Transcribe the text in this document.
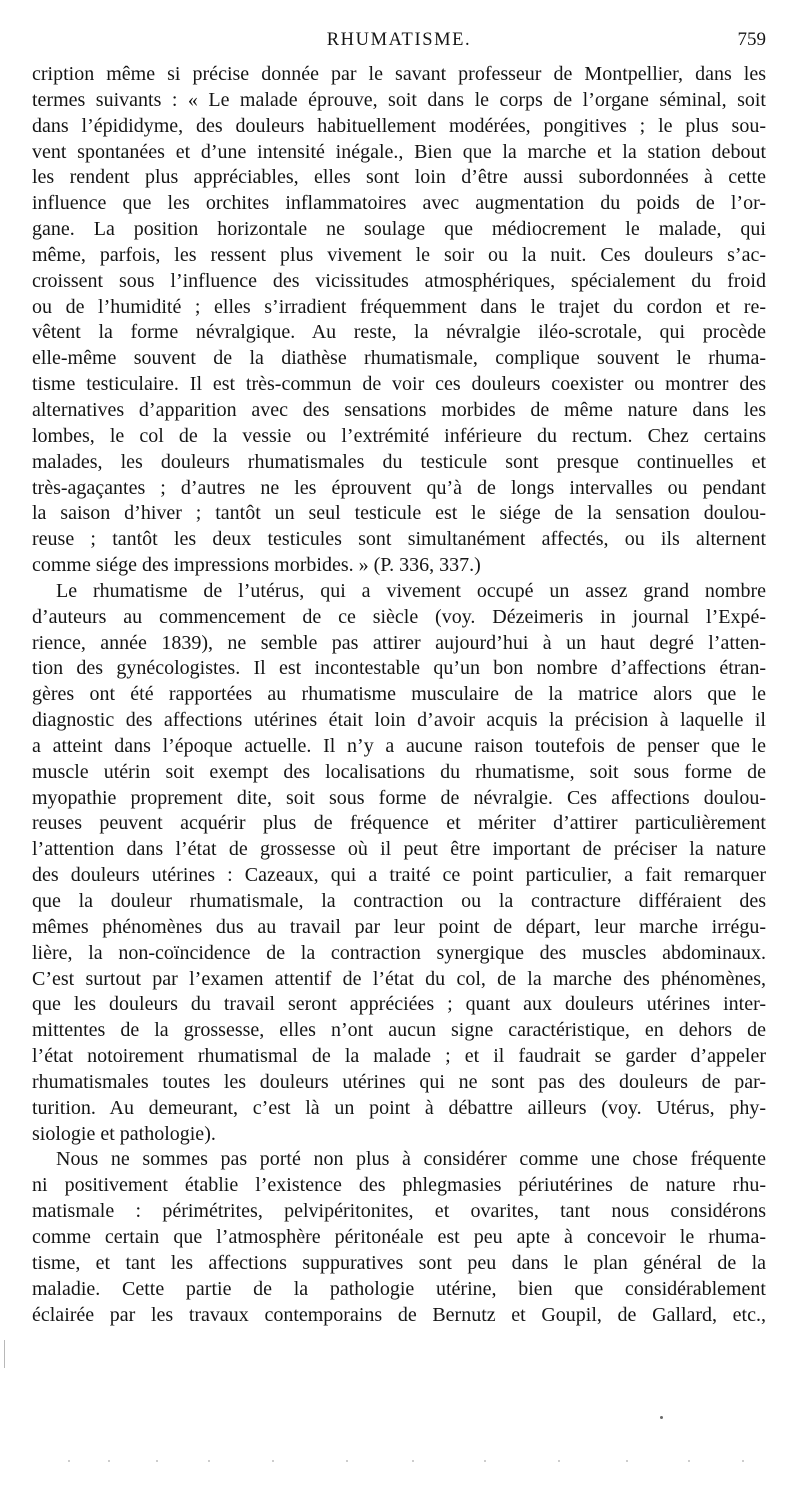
RHUMATISME.	759
cription même si précise donnée par le savant professeur de Montpellier, dans les
termes suivants : « Le malade éprouve, soit dans le corps de l’organe séminal, soit
dans l’épididyme, des douleurs habituellement modérées, pongitives ; le plus sou-
vent spontanées et d’une intensité inégale., Bien que la marche et la station debout
les rendent plus appréciables, elles sont loin d’être aussi subordonnées à cette
influence que les orchites inflammatoires avec augmentation du poids de l’or-
gane. La position horizontale ne soulage que médiocrement le malade, qui
même, parfois, les ressent plus vivement le soir ou la nuit. Ces douleurs s’ac-
croissent sous l’influence des vicissitudes atmosphériques, spécialement du froid
ou de l’humidité ; elles s’irradient fréquemment dans le trajet du cordon et re-
vêtent la forme névralgique. Au reste, la névralgie iléo-scrotale, qui procède
elle-même souvent de la diathèse rhumatismale, complique souvent le rhuma-
tisme testiculaire. Il est très-commun de voir ces douleurs coexister ou montrer des
alternatives d’apparition avec des sensations morbides de même nature dans les
lombes, le col de la vessie ou l’extrémité inférieure du rectum. Chez certains
malades, les douleurs rhumatismales du testicule sont presque continuelles et
très-agaçantes ; d’autres ne les éprouvent qu’à de longs intervalles ou pendant
la saison d’hiver ; tantôt un seul testicule est le siége de la sensation doulou-
reuse ; tantôt les deux testicules sont simultanément affectés, ou ils alternent
comme siége des impressions morbides. » (P. 336, 337.)
Le rhumatisme de l’utérus, qui a vivement occupé un assez grand nombre
d’auteurs au commencement de ce siècle (voy. Dézeimeris in journal l’Expé-
rience, année 1839), ne semble pas attirer aujourd’hui à un haut degré l’atten-
tion des gynécologistes. Il est incontestable qu’un bon nombre d’affections étran-
gères ont été rapportées au rhumatisme musculaire de la matrice alors que le
diagnostic des affections utérines était loin d’avoir acquis la précision à laquelle il
a atteint dans l’époque actuelle. Il n’y a aucune raison toutefois de penser que le
muscle utérin soit exempt des localisations du rhumatisme, soit sous forme de
myopathie proprement dite, soit sous forme de névralgie. Ces affections doulou-
reuses peuvent acquérir plus de fréquence et mériter d’attirer particulièrement
l’attention dans l’état de grossesse où il peut être important de préciser la nature
des douleurs utérines : Cazeaux, qui a traité ce point particulier, a fait remarquer
que la douleur rhumatismale, la contraction ou la contracture différaient des
mêmes phénomènes dus au travail par leur point de départ, leur marche irrégu-
lière, la non-coïncidence de la contraction synergique des muscles abdominaux.
C’est surtout par l’examen attentif de l’état du col, de la marche des phénomènes,
que les douleurs du travail seront appréciées ; quant aux douleurs utérines inter-
mittentes de la grossesse, elles n’ont aucun signe caractéristique, en dehors de
l’état notoirement rhumatismal de la malade ; et il faudrait se garder d’appeler
rhumatismales toutes les douleurs utérines qui ne sont pas des douleurs de par-
turition. Au demeurant, c’est là un point à débattre ailleurs (voy. Utérus, phy-
siologie et pathologie).
Nous ne sommes pas porté non plus à considérer comme une chose fréquente
ni positivement établie l’existence des phlegmasies périutérines de nature rhu-
matismale : périmétrites, pelvipéritonites, et ovarites, tant nous considérons
comme certain que l’atmosphère péritonéale est peu apte à concevoir le rhuma-
tisme, et tant les affections suppuratives sont peu dans le plan général de la
maladie. Cette partie de la pathologie utérine, bien que considérablement
éclairée par les travaux contemporains de Bernutz et Goupil, de Gallard, etc.,
